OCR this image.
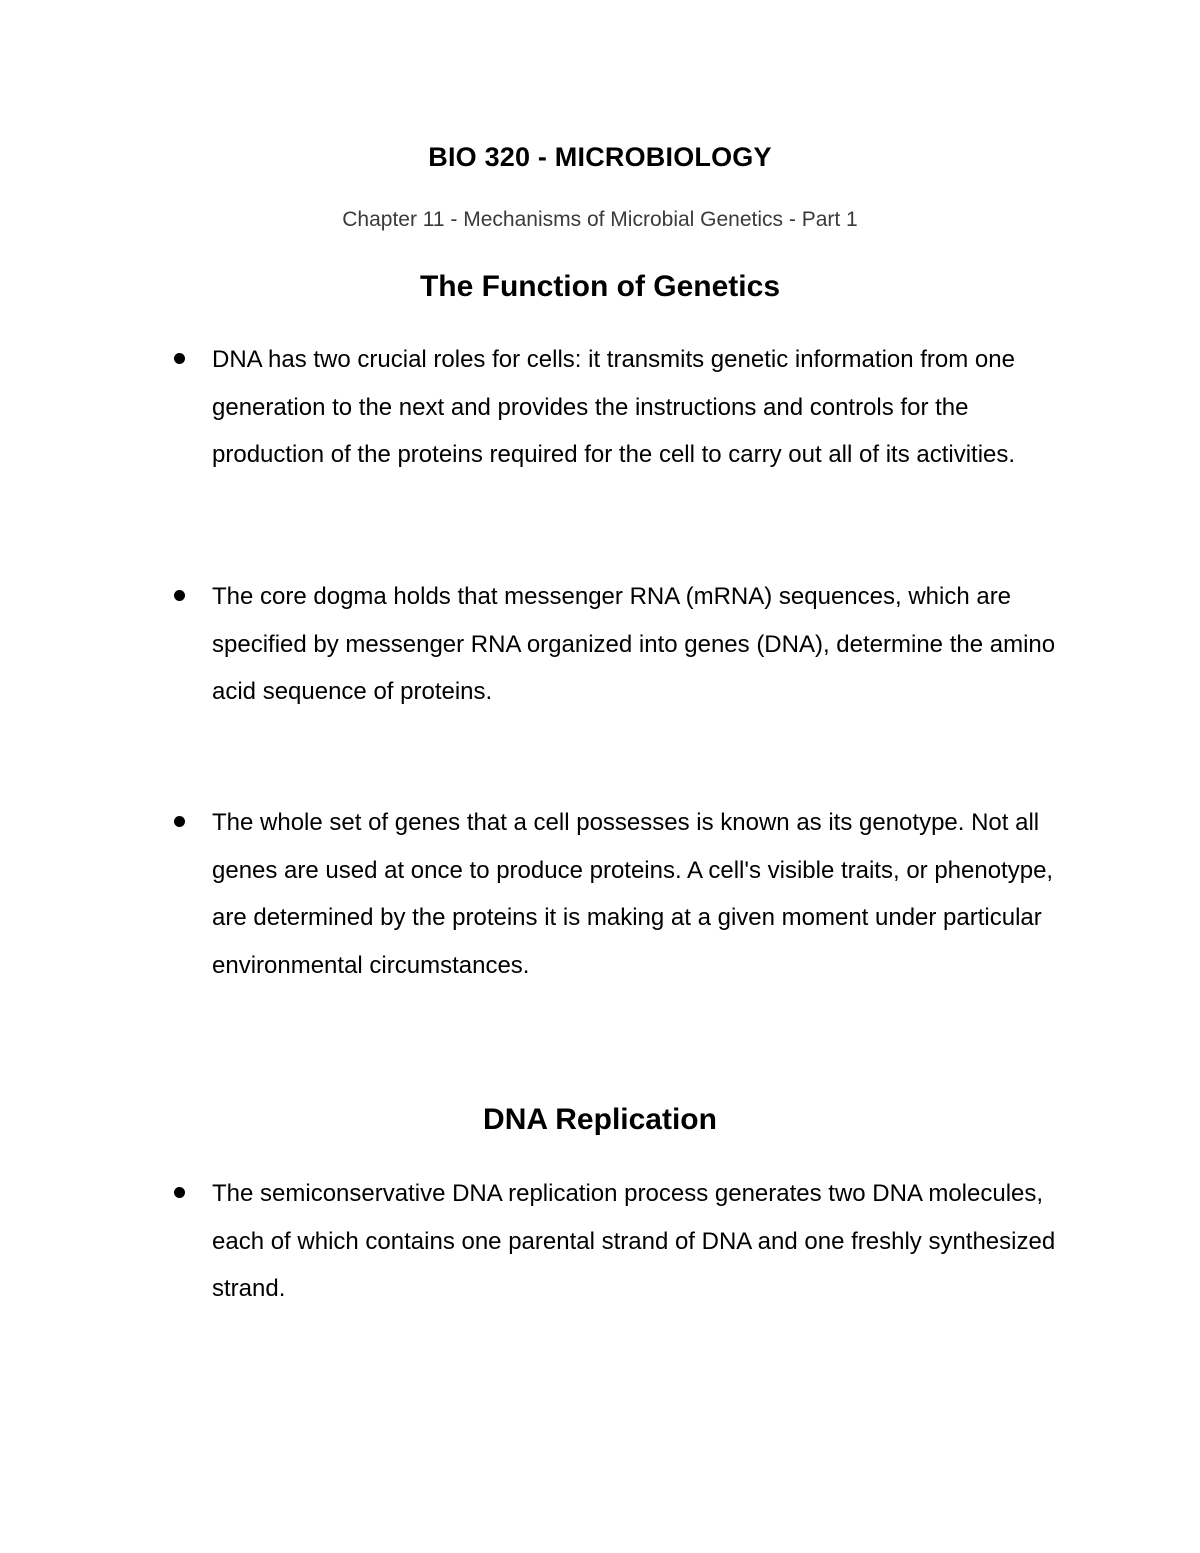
BIO 320 - MICROBIOLOGY
Chapter 11 - Mechanisms of Microbial Genetics - Part 1
The Function of Genetics

DNA has two crucial roles for cells: it transmits genetic information from one generation to the next and provides the instructions and controls for the production of the proteins required for the cell to carry out all of its activities.

The core dogma holds that messenger RNA (mRNA) sequences, which are specified by messenger RNA organized into genes (DNA), determine the amino acid sequence of proteins.

The whole set of genes that a cell possesses is known as its genotype. Not all genes are used at once to produce proteins. A cell's visible traits, or phenotype, are determined by the proteins it is making at a given moment under particular environmental circumstances.

DNA Replication

The semiconservative DNA replication process generates two DNA molecules, each of which contains one parental strand of DNA and one freshly synthesized strand.
